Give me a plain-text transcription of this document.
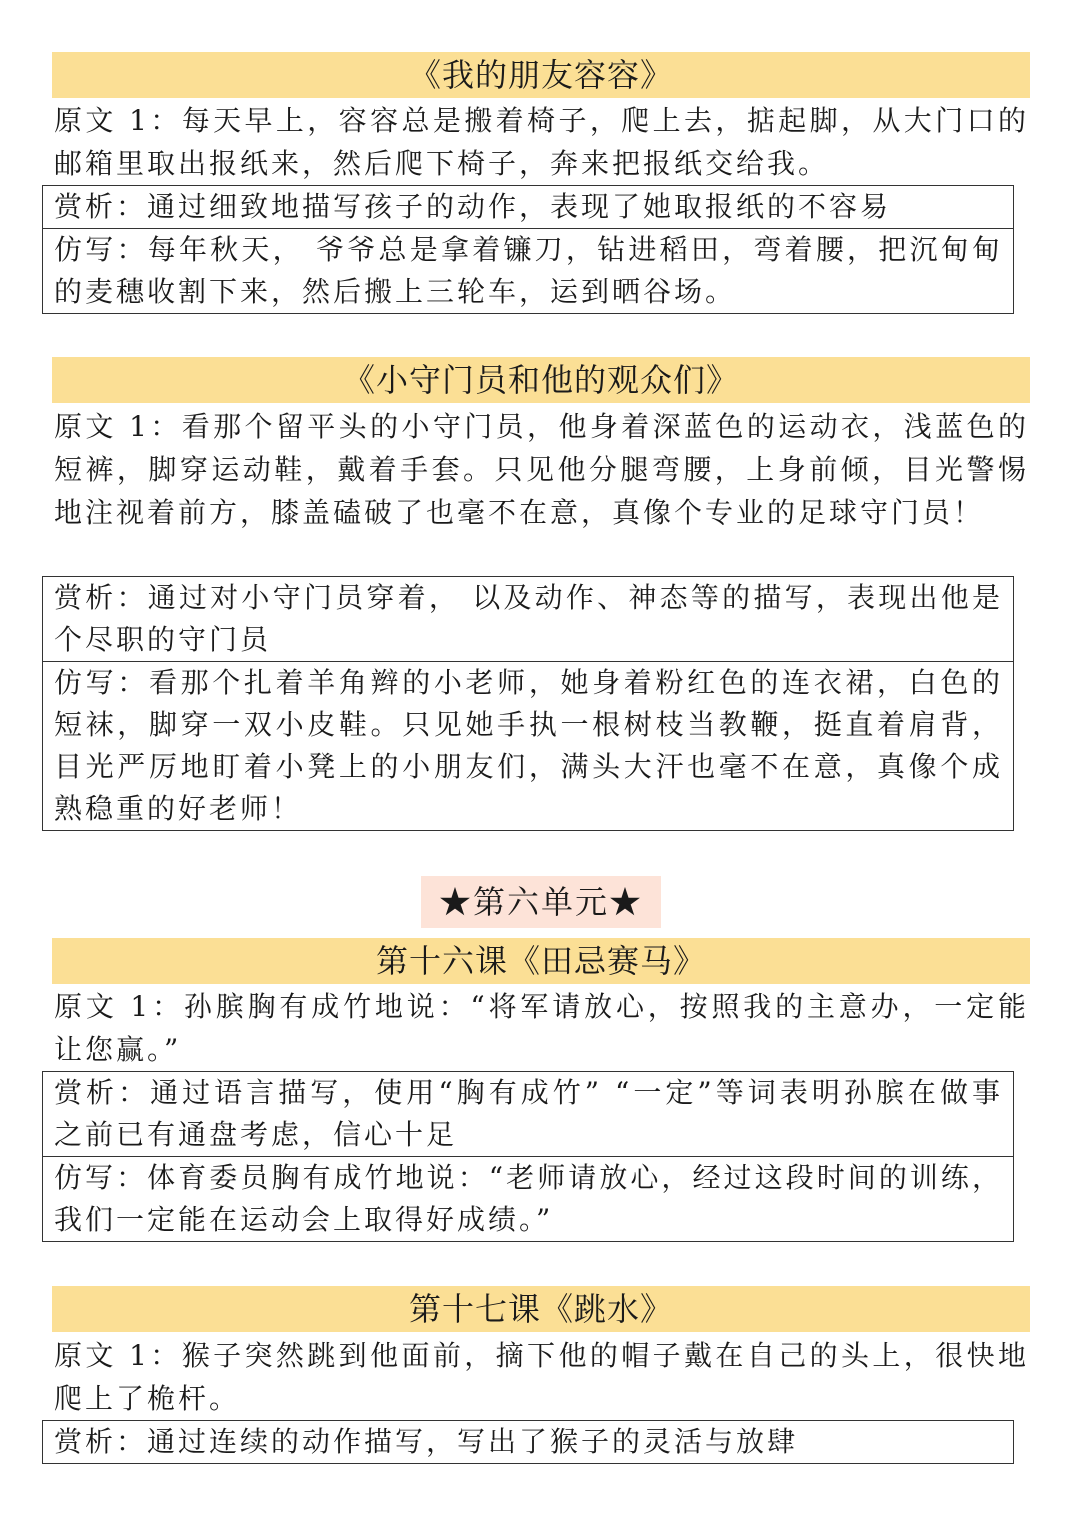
《我的朋友容容》
原文 1：每天早上，容容总是搬着椅子，爬上去，掂起脚，从大门口的邮箱里取出报纸来，然后爬下椅子，奔来把报纸交给我。
赏析：通过细致地描写孩子的动作，表现了她取报纸的不容易
仿写：每年秋天， 爷爷总是拿着镰刀，钻进稻田，弯着腰，把沉甸甸的麦穗收割下来，然后搬上三轮车，运到晒谷场。
《小守门员和他的观众们》
原文 1：看那个留平头的小守门员，他身着深蓝色的运动衣，浅蓝色的短裤，脚穿运动鞋，戴着手套。只见他分腿弯腰，上身前倾，目光警惕地注视着前方，膝盖磕破了也毫不在意，真像个专业的足球守门员！
赏析：通过对小守门员穿着， 以及动作、神态等的描写，表现出他是个尽职的守门员
仿写：看那个扎着羊角辫的小老师，她身着粉红色的连衣裙，白色的短袜，脚穿一双小皮鞋。只见她手执一根树枝当教鞭，挺直着肩背，目光严厉地盯着小凳上的小朋友们，满头大汗也毫不在意，真像个成熟稳重的好老师！
★第六单元★
第十六课《田忌赛马》
原文 1：孙膑胸有成竹地说：“将军请放心，按照我的主意办，一定能让您赢。”
赏析：通过语言描写，使用“胸有成竹” “一定”等词表明孙膑在做事之前已有通盘考虑，信心十足
仿写：体育委员胸有成竹地说：“老师请放心，经过这段时间的训练，我们一定能在运动会上取得好成绩。”
第十七课《跳水》
原文 1：猴子突然跳到他面前，摘下他的帽子戴在自己的头上，很快地爬上了桅杆。
赏析：通过连续的动作描写，写出了猴子的灵活与放肆
